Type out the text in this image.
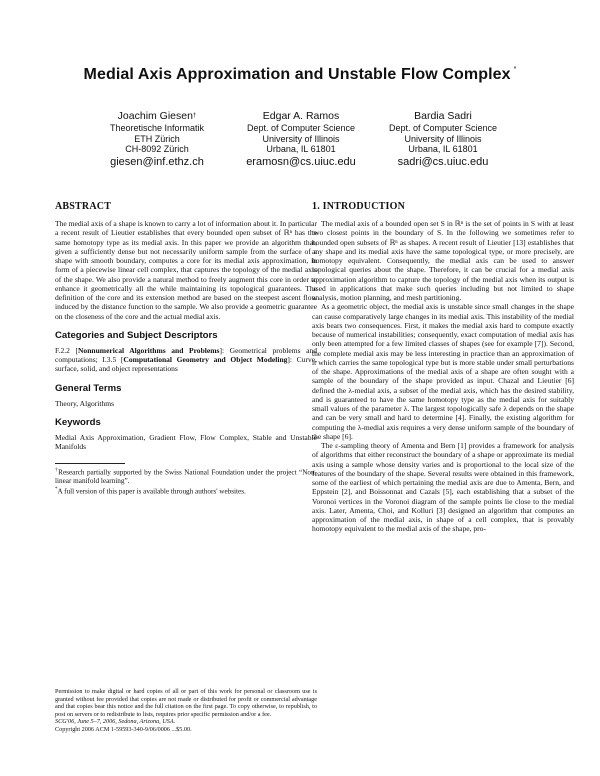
Medial Axis Approximation and Unstable Flow Complex *
Joachim Giesen†
Theoretische Informatik
ETH Zürich
CH-8092 Zürich
giesen@inf.ethz.ch
Edgar A. Ramos
Dept. of Computer Science
University of Illinois
Urbana, IL 61801
eramosn@cs.uiuc.edu
Bardia Sadri
Dept. of Computer Science
University of Illinois
Urbana, IL 61801
sadri@cs.uiuc.edu
ABSTRACT

The medial axis of a shape is known to carry a lot of information about it. In particular a recent result of Lieutier establishes that every bounded open subset of ℝⁿ has the same homotopy type as its medial axis. In this paper we provide an algorithm that, given a sufficiently dense but not necessarily uniform sample from the surface of a shape with smooth boundary, computes a core for its medial axis approximation, in form of a piecewise linear cell complex, that captures the topology of the medial axis of the shape. We also provide a natural method to freely augment this core in order to enhance it geometrically all the while maintaining its topological guarantees. The definition of the core and its extension method are based on the steepest ascent flow induced by the distance function to the sample. We also provide a geometric guarantee on the closeness of the core and the actual medial axis.

Categories and Subject Descriptors

F.2.2 [Nonnumerical Algorithms and Problems]: Geometrical problems and computations; I.3.5 [Computational Geometry and Object Modeling]: Curve, surface, solid, and object representations

General Terms

Theory, Algorithms

Keywords

Medial Axis Approximation, Gradient Flow, Flow Complex, Stable and Unstable Manifolds

†Research partially supported by the Swiss National Foundation under the project “Non-linear manifold learning”.

*A full version of this paper is available through authors' websites.

Permission to make digital or hard copies of all or part of this work for personal or classroom use is granted without fee provided that copies are not made or distributed for profit or commercial advantage and that copies bear this notice and the full citation on the first page. To copy otherwise, to republish, to post on servers or to redistribute to lists, requires prior specific permission and/or a fee.

SCG'06, June 5–7, 2006, Sedona, Arizona, USA.

Copyright 2006 ACM 1-59593-340-9/06/0006 ...$5.00.

1. INTRODUCTION

The medial axis of a bounded open set S in ℝⁿ is the set of points in S with at least two closest points in the boundary of S. In the following we sometimes refer to bounded open subsets of ℝⁿ as shapes. A recent result of Lieutier [13] establishes that any shape and its medial axis have the same topological type, or more precisely, are homotopy equivalent. Consequently, the medial axis can be used to answer topological queries about the shape. Therefore, it can be crucial for a medial axis approximation algorithm to capture the topology of the medial axis when its output is used in applications that make such queries including but not limited to shape analysis, motion planning, and mesh partitioning.

As a geometric object, the medial axis is unstable since small changes in the shape can cause comparatively large changes in its medial axis. This instability of the medial axis bears two consequences. First, it makes the medial axis hard to compute exactly because of numerical instabilities; consequently, exact computation of medial axis has only been attempted for a few limited classes of shapes (see for example [7]). Second, the complete medial axis may be less interesting in practice than an approximation of it which carries the same topological type but is more stable under small perturbations of the shape. Approximations of the medial axis of a shape are often sought with a sample of the boundary of the shape provided as input. Chazal and Lieutier [6] defined the λ-medial axis, a subset of the medial axis, which has the desired stability, and is guaranteed to have the same homotopy type as the medial axis for suitably small values of the parameter λ. The largest topologically safe λ depends on the shape and can be very small and hard to determine [4]. Finally, the existing algorithm for computing the λ-medial axis requires a very dense uniform sample of the boundary of the shape [6].

The ε-sampling theory of Amenta and Bern [1] provides a framework for analysis of algorithms that either reconstruct the boundary of a shape or approximate its medial axis using a sample whose density varies and is proportional to the local size of the features of the boundary of the shape. Several results were obtained in this framework, some of the earliest of which pertaining the medial axis are due to Amenta, Bern, and Eppstein [2], and Boissonnat and Cazals [5], each establishing that a subset of the Voronoi vertices in the Voronoi diagram of the sample points lie close to the medial axis. Later, Amenta, Choi, and Kolluri [3] designed an algorithm that computes an approximation of the medial axis, in shape of a cell complex, that is provably homotopy equivalent to the medial axis of the shape, pro-
